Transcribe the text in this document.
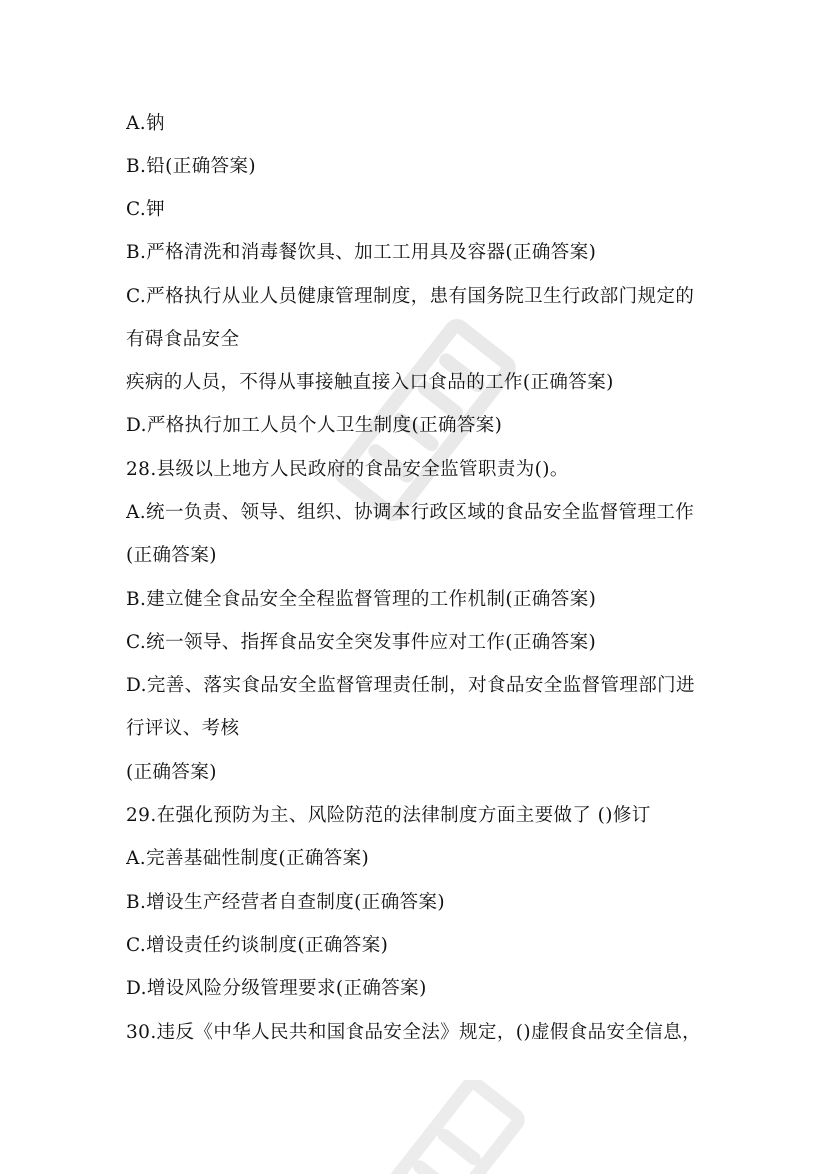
A.钠

B.铅(正确答案)

C.钾

B.严格清洗和消毒餐饮具、加工工用具及容器(正确答案)

C.严格执行从业人员健康管理制度，患有国务院卫生行政部门规定的

有碍食品安全

疾病的人员，不得从事接触直接入口食品的工作(正确答案)

D.严格执行加工人员个人卫生制度(正确答案)

28.县级以上地方人民政府的食品安全监管职责为()。

A.统一负责、领导、组织、协调本行政区域的食品安全监督管理工作

(正确答案)

B.建立健全食品安全全程监督管理的工作机制(正确答案)

C.统一领导、指挥食品安全突发事件应对工作(正确答案)

D.完善、落实食品安全监督管理责任制，对食品安全监督管理部门进

行评议、考核

(正确答案)

29.在强化预防为主、风险防范的法律制度方面主要做了 ()修订

A.完善基础性制度(正确答案)

B.增设生产经营者自查制度(正确答案)

C.增设责任约谈制度(正确答案)

D.增设风险分级管理要求(正确答案)

30.违反《中华人民共和国食品安全法》规定，()虚假食品安全信息，
